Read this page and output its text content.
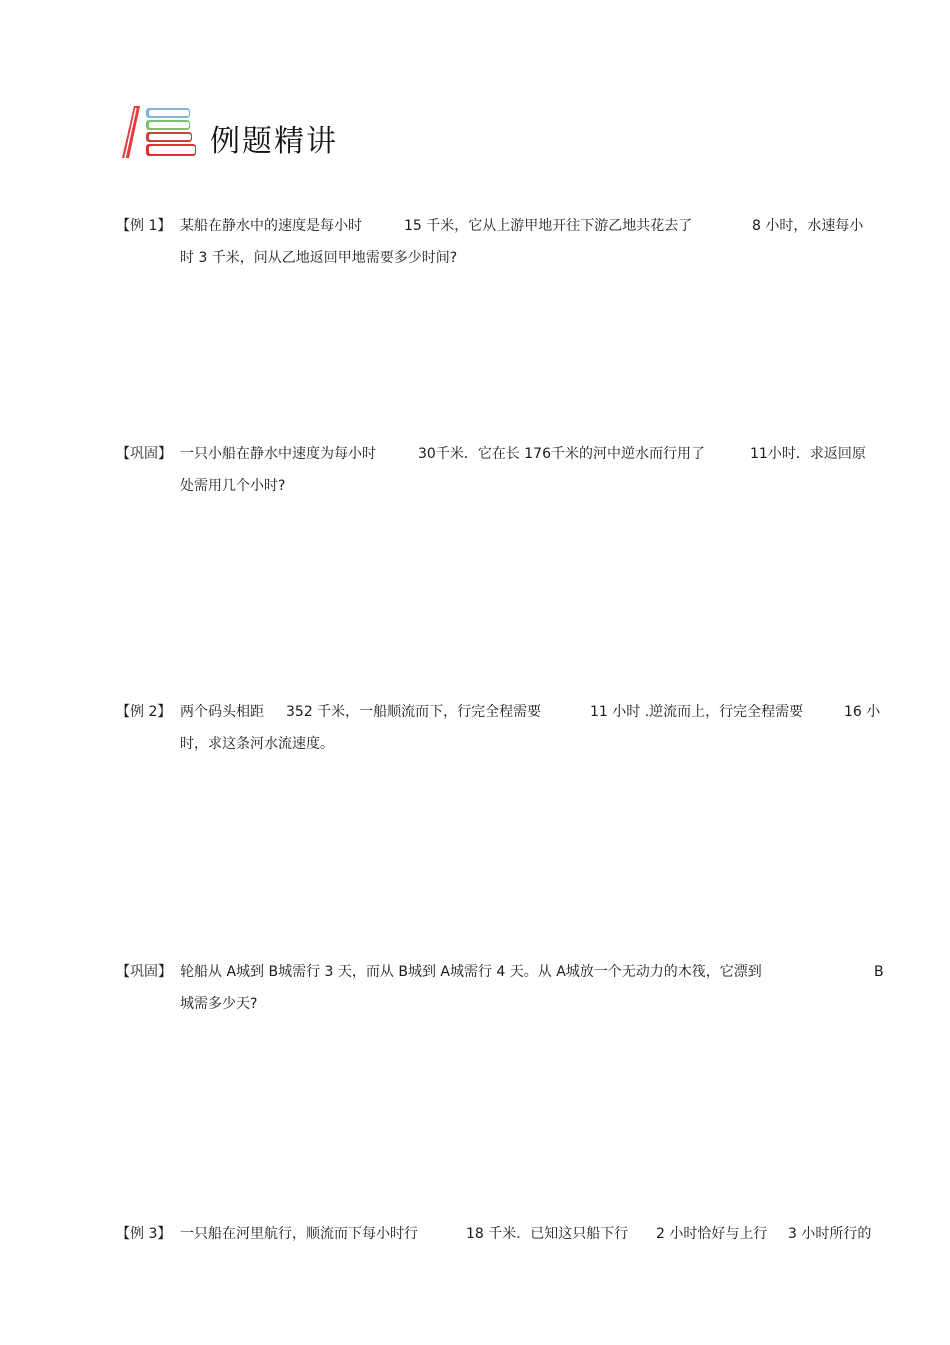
例题精讲
【例 1】 某船在静水中的速度是每小时	15 千米，它从上游甲地开往下游乙地共花去了	8 小时，水速每小
时 3 千米，问从乙地返回甲地需要多少时间?
【巩固】 一只小船在静水中速度为每小时	30千米．它在长 176千米的河中逆水而行用了	11小时．求返回原
处需用几个小时?
【例 2】 两个码头相距 352 千米，一船顺流而下，行完全程需要	11 小时 .逆流而上，行完全程需要	16 小
时，求这条河水流速度。
【巩固】 轮船从 A城到 B城需行 3 天，而从 B城到 A城需行 4 天。从 A城放一个无动力的木筏，它漂到	B
城需多少天?
【例 3】 一只船在河里航行，顺流而下每小时行	18 千米．已知这只船下行 2 小时恰好与上行 3 小时所行的
